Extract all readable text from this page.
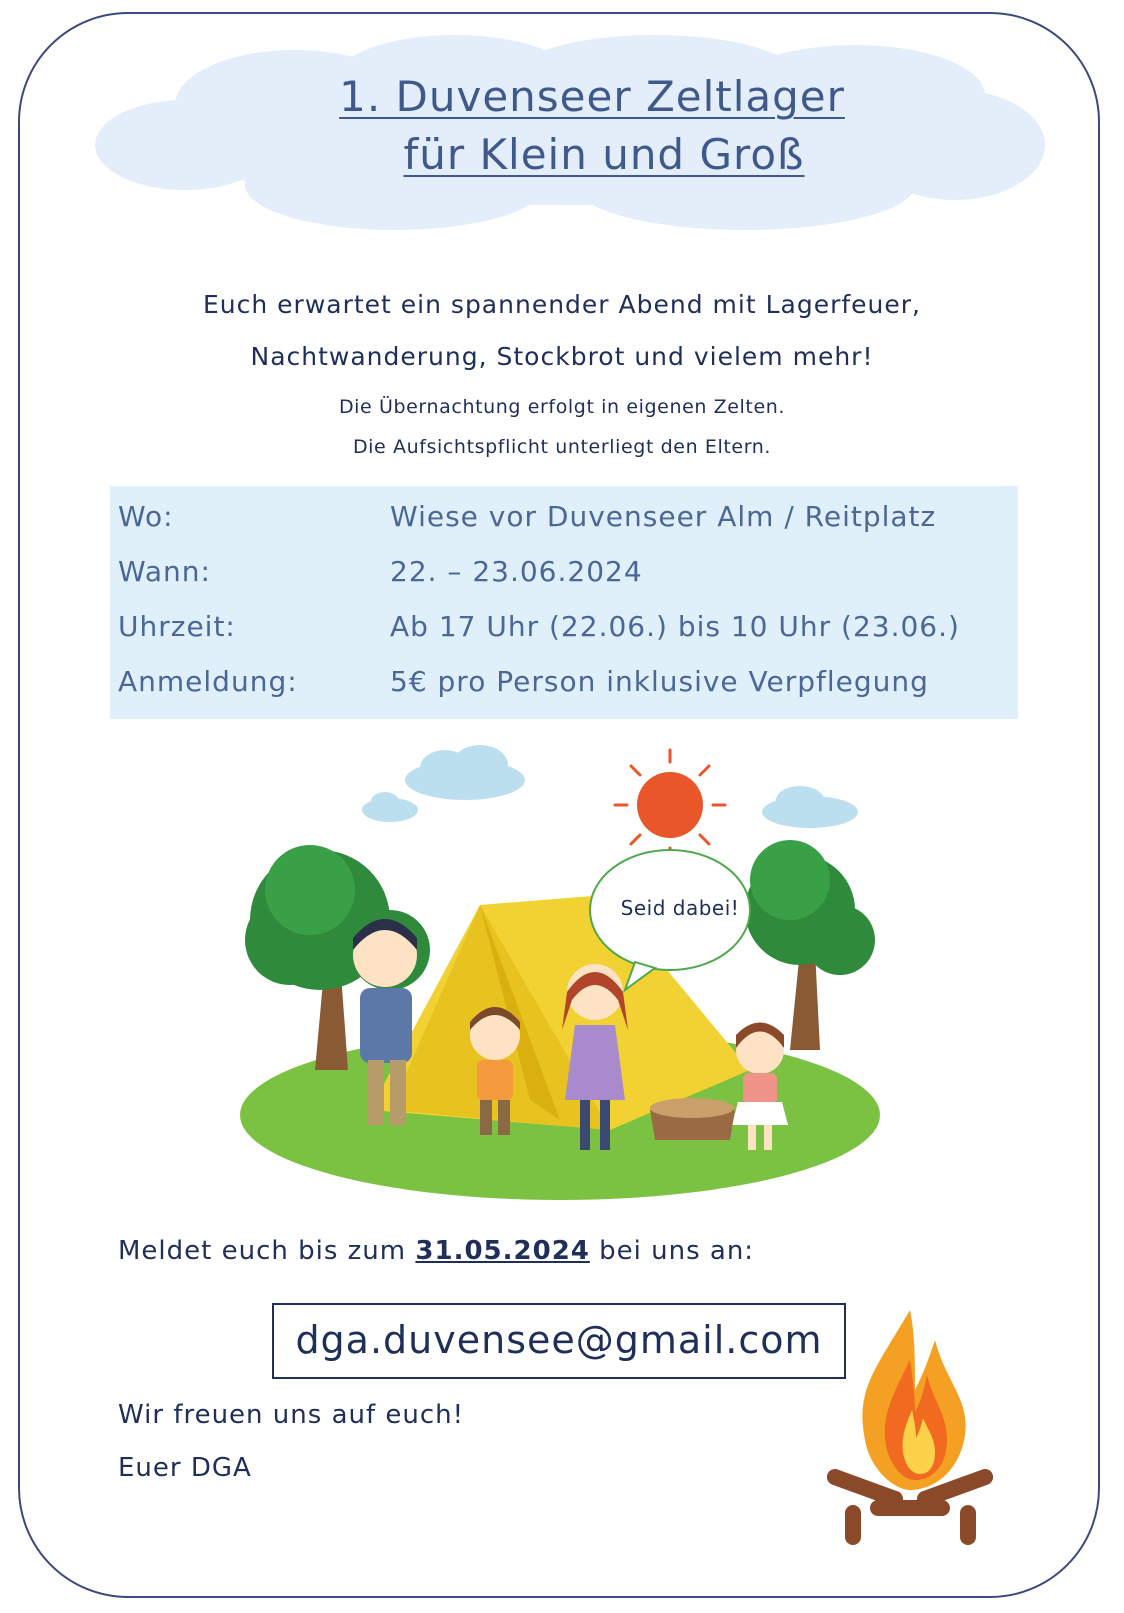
1. Duvenseer Zeltlager
für Klein und Groß
Euch erwartet ein spannender Abend mit Lagerfeuer,
Nachtwanderung, Stockbrot und vielem mehr!
Die Übernachtung erfolgt in eigenen Zelten.
Die Aufsichtspflicht unterliegt den Eltern.
Wo:	Wiese vor Duvenseer Alm / Reitplatz
Wann:	22. – 23.06.2024
Uhrzeit:	Ab 17 Uhr (22.06.) bis 10 Uhr (23.06.)
Anmeldung:	5€ pro Person inklusive Verpflegung
Seid dabei!
Meldet euch bis zum 31.05.2024 bei uns an:
dga.duvensee@gmail.com
Wir freuen uns auf euch!
Euer DGA
